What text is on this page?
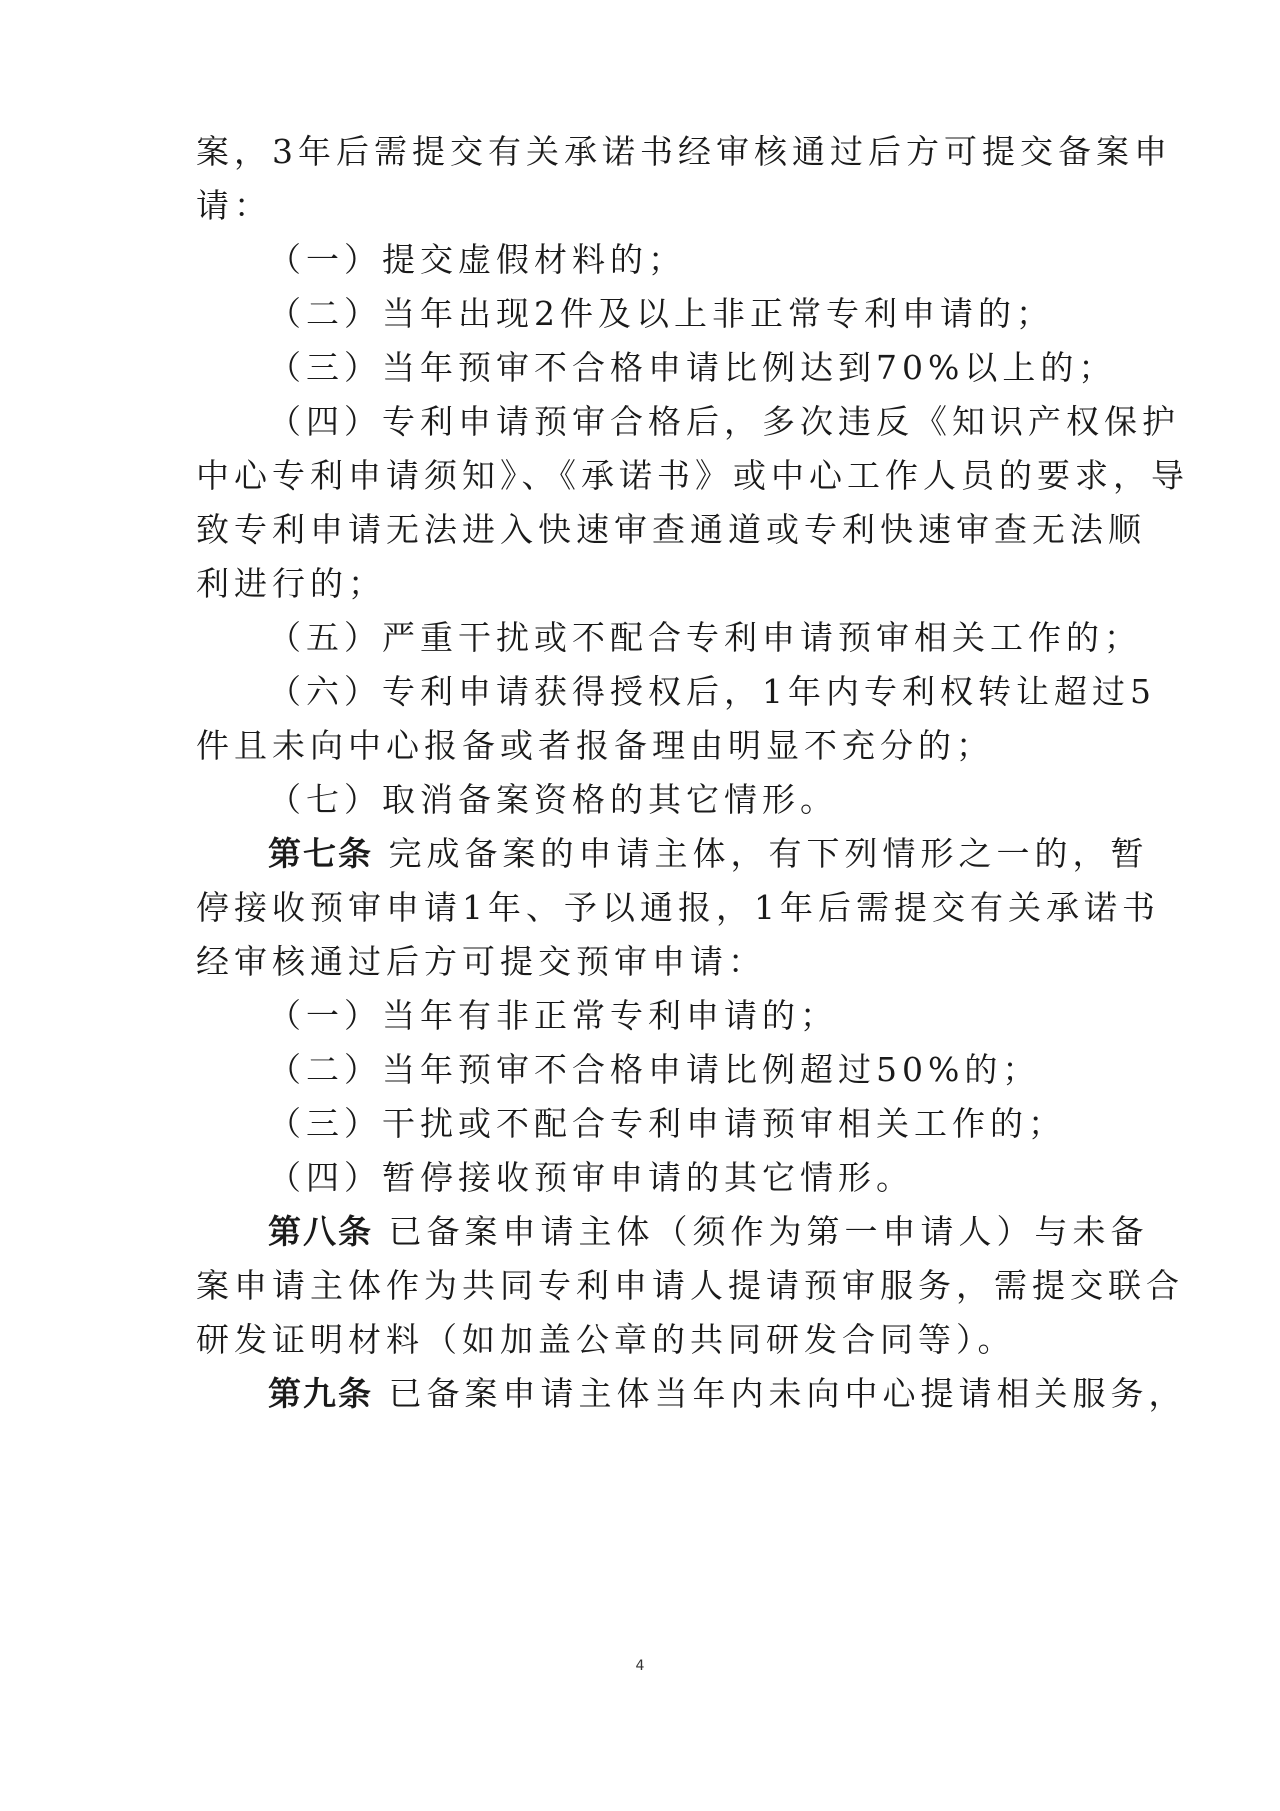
案，3年后需提交有关承诺书经审核通过后方可提交备案申
请：
（一）提交虚假材料的；
（二）当年出现2件及以上非正常专利申请的；
（三）当年预审不合格申请比例达到70%以上的；
（四）专利申请预审合格后，多次违反《知识产权保护
中心专利申请须知》、《承诺书》或中心工作人员的要求，导
致专利申请无法进入快速审查通道或专利快速审查无法顺
利进行的；
（五）严重干扰或不配合专利申请预审相关工作的；
（六）专利申请获得授权后，1年内专利权转让超过5
件且未向中心报备或者报备理由明显不充分的；
（七）取消备案资格的其它情形。
第七条 完成备案的申请主体，有下列情形之一的，暂
停接收预审申请1年、予以通报，1年后需提交有关承诺书
经审核通过后方可提交预审申请：
（一）当年有非正常专利申请的；
（二）当年预审不合格申请比例超过50%的；
（三）干扰或不配合专利申请预审相关工作的；
（四）暂停接收预审申请的其它情形。
第八条 已备案申请主体（须作为第一申请人）与未备
案申请主体作为共同专利申请人提请预审服务，需提交联合
研发证明材料（如加盖公章的共同研发合同等）。
第九条 已备案申请主体当年内未向中心提请相关服务，
4
